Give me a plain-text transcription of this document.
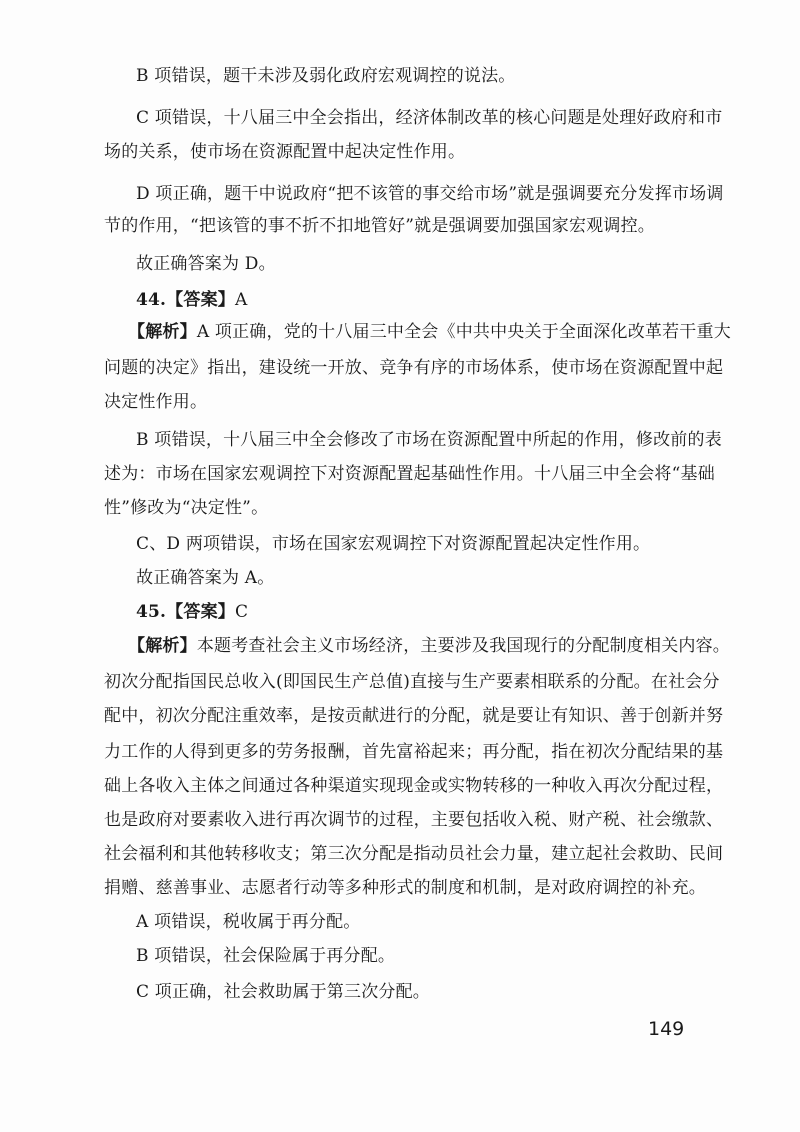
B 项错误，题干未涉及弱化政府宏观调控的说法。
C 项错误，十八届三中全会指出，经济体制改革的核心问题是处理好政府和市
场的关系，使市场在资源配置中起决定性作用。
D 项正确，题干中说政府“把不该管的事交给市场”就是强调要充分发挥市场调
节的作用，“把该管的事不折不扣地管好”就是强调要加强国家宏观调控。
故正确答案为 D。
44.【答案】A
【解析】A 项正确，党的十八届三中全会《中共中央关于全面深化改革若干重大
问题的决定》指出，建设统一开放、竞争有序的市场体系，使市场在资源配置中起
决定性作用。
B 项错误，十八届三中全会修改了市场在资源配置中所起的作用，修改前的表
述为：市场在国家宏观调控下对资源配置起基础性作用。十八届三中全会将“基础
性”修改为“决定性”。
C、D 两项错误，市场在国家宏观调控下对资源配置起决定性作用。
故正确答案为 A。
45.【答案】C
【解析】本题考查社会主义市场经济，主要涉及我国现行的分配制度相关内容。
初次分配指国民总收入(即国民生产总值)直接与生产要素相联系的分配。在社会分
配中，初次分配注重效率，是按贡献进行的分配，就是要让有知识、善于创新并努
力工作的人得到更多的劳务报酬，首先富裕起来；再分配，指在初次分配结果的基
础上各收入主体之间通过各种渠道实现现金或实物转移的一种收入再次分配过程，
也是政府对要素收入进行再次调节的过程，主要包括收入税、财产税、社会缴款、
社会福利和其他转移收支；第三次分配是指动员社会力量，建立起社会救助、民间
捐赠、慈善事业、志愿者行动等多种形式的制度和机制，是对政府调控的补充。
A 项错误，税收属于再分配。
B 项错误，社会保险属于再分配。
C 项正确，社会救助属于第三次分配。
149
